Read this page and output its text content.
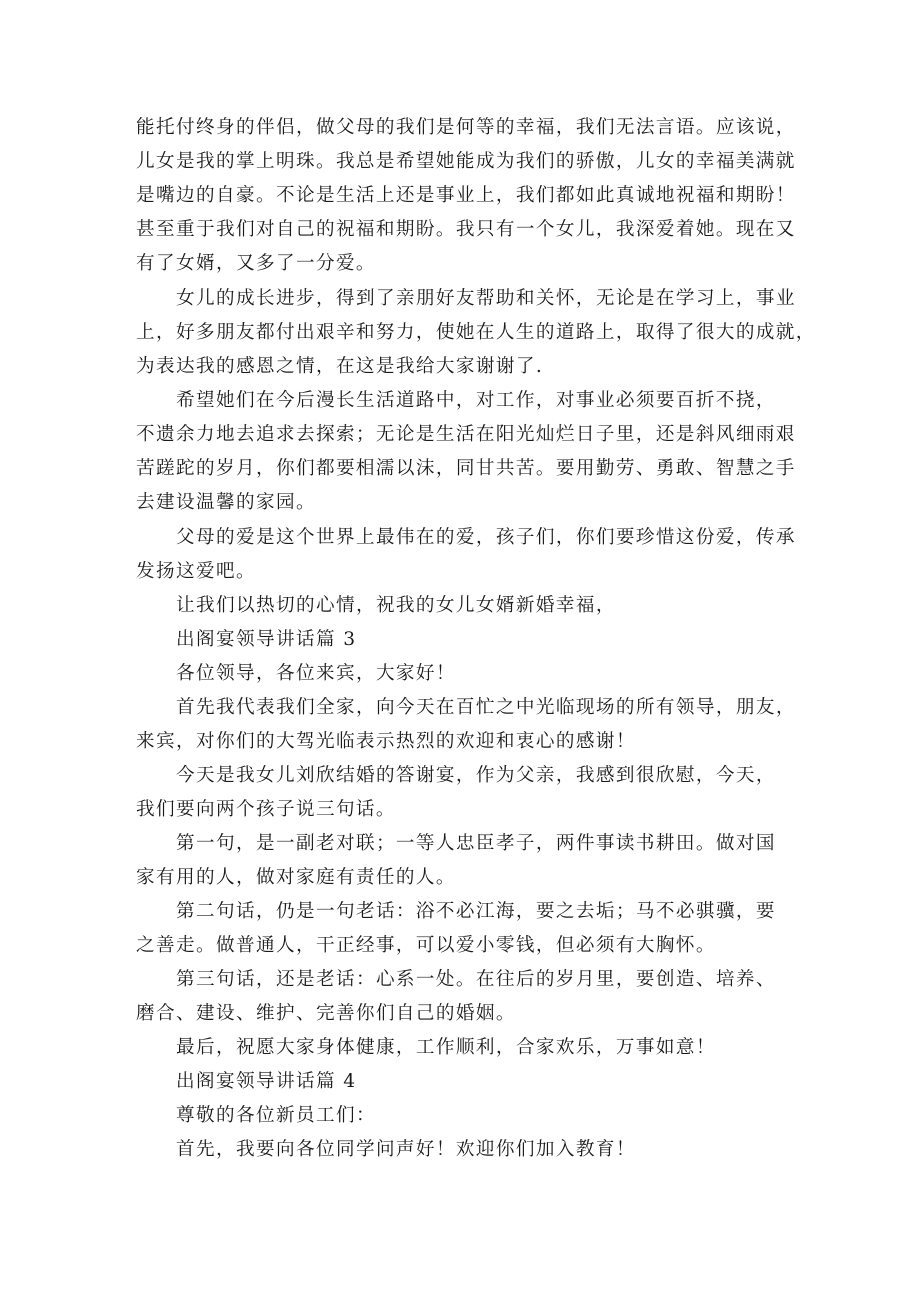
能托付终身的伴侣，做父母的我们是何等的幸福，我们无法言语。应该说，
儿女是我的掌上明珠。我总是希望她能成为我们的骄傲，儿女的幸福美满就
是嘴边的自豪。不论是生活上还是事业上，我们都如此真诚地祝福和期盼！
甚至重于我们对自己的祝福和期盼。我只有一个女儿，我深爱着她。现在又
有了女婿，又多了一分爱。
女儿的成长进步，得到了亲朋好友帮助和关怀，无论是在学习上，事业
上，好多朋友都付出艰辛和努力，使她在人生的道路上，取得了很大的成就，
为表达我的感恩之情，在这是我给大家谢谢了.
希望她们在今后漫长生活道路中，对工作，对事业必须要百折不挠，
不遗余力地去追求去探索；无论是生活在阳光灿烂日子里，还是斜风细雨艰
苦蹉跎的岁月，你们都要相濡以沫，同甘共苦。要用勤劳、勇敢、智慧之手
去建设温馨的家园。
父母的爱是这个世界上最伟在的爱，孩子们，你们要珍惜这份爱，传承
发扬这爱吧。
让我们以热切的心情，祝我的女儿女婿新婚幸福，
出阁宴领导讲话篇 3
各位领导，各位来宾，大家好！
首先我代表我们全家，向今天在百忙之中光临现场的所有领导，朋友，
来宾，对你们的大驾光临表示热烈的欢迎和衷心的感谢！
今天是我女儿刘欣结婚的答谢宴，作为父亲，我感到很欣慰，今天，
我们要向两个孩子说三句话。
第一句，是一副老对联；一等人忠臣孝子，两件事读书耕田。做对国
家有用的人，做对家庭有责任的人。
第二句话，仍是一句老话：浴不必江海，要之去垢；马不必骐骥，要
之善走。做普通人，干正经事，可以爱小零钱，但必须有大胸怀。
第三句话，还是老话：心系一处。在往后的岁月里，要创造、培养、
磨合、建设、维护、完善你们自己的婚姻。
最后，祝愿大家身体健康，工作顺利，合家欢乐，万事如意！
出阁宴领导讲话篇 4
尊敬的各位新员工们：
首先，我要向各位同学问声好！欢迎你们加入教育！
